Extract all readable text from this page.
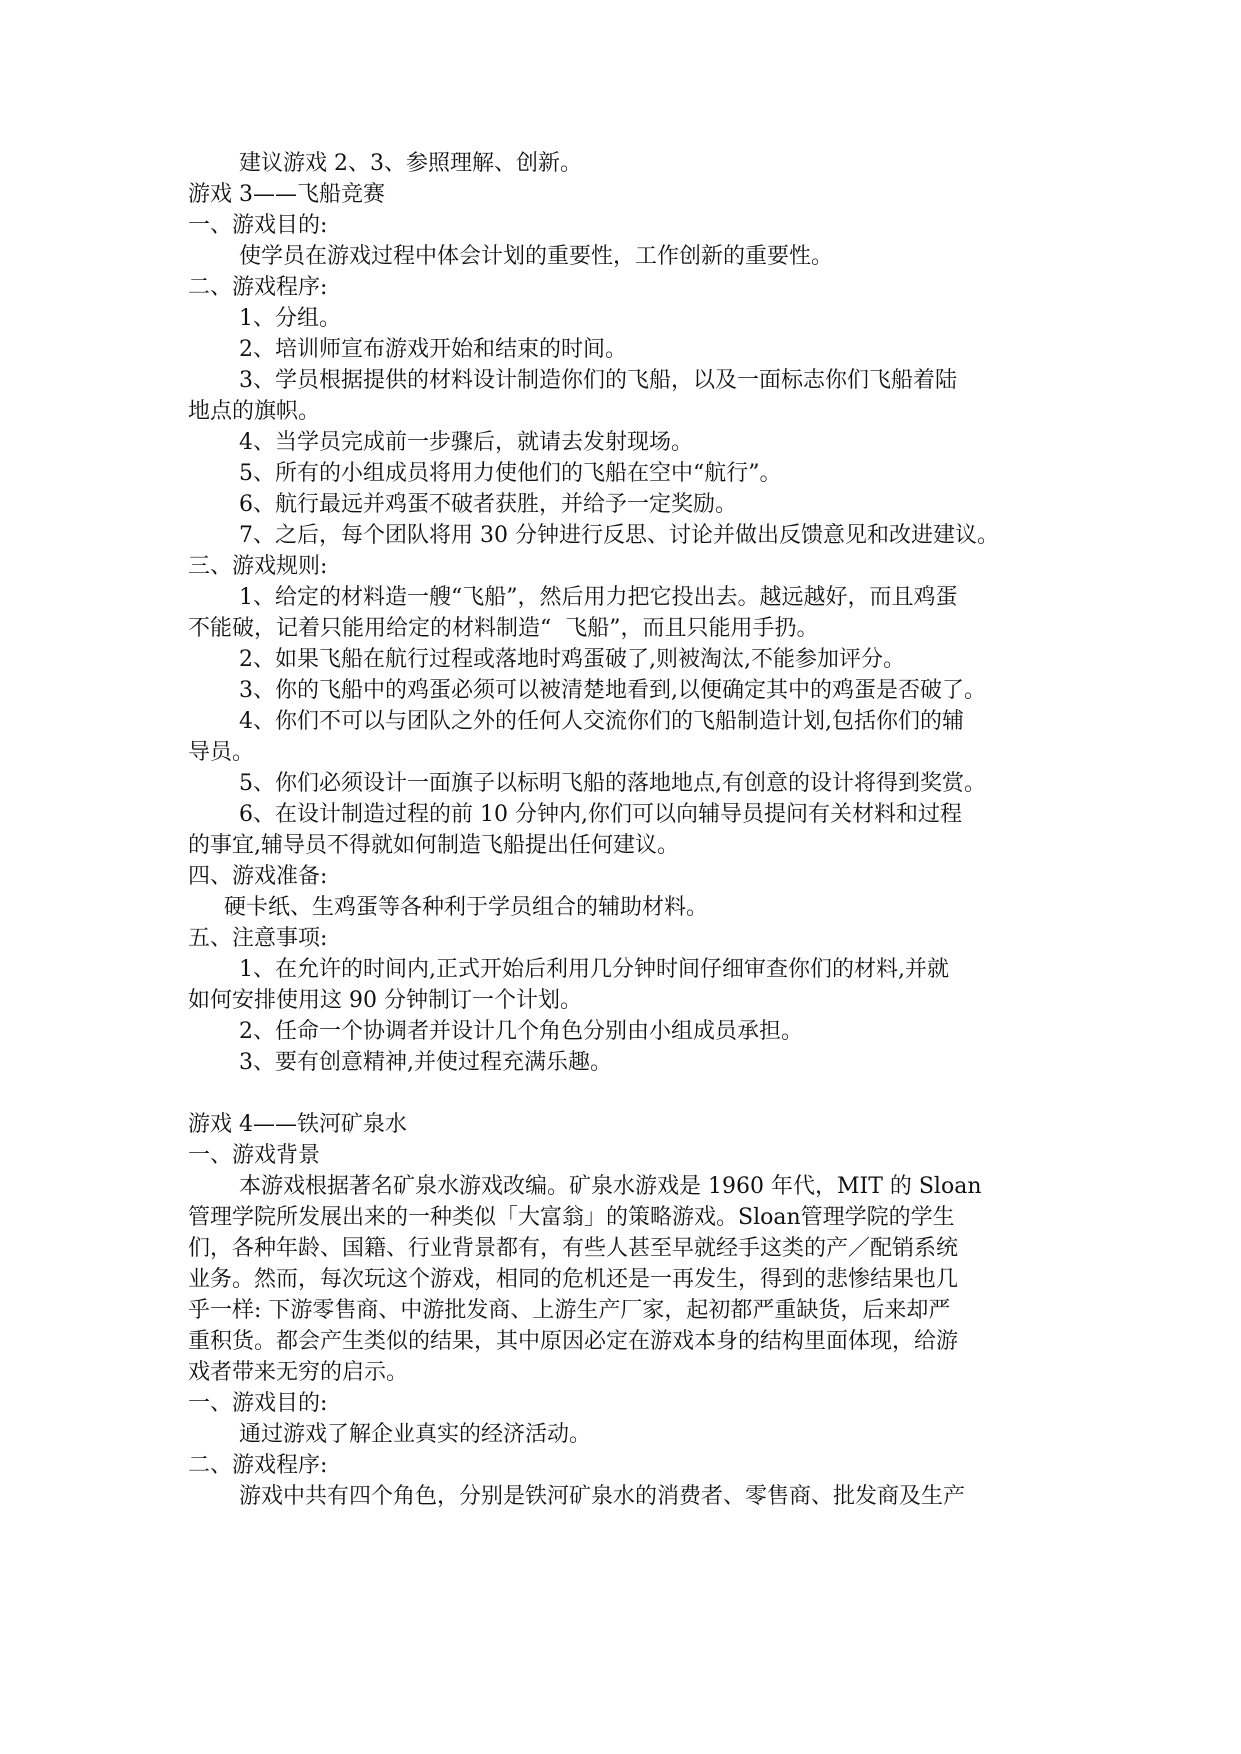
建议游戏 2、3、参照理解、创新。
游戏 3——飞船竞赛
一、游戏目的:
使学员在游戏过程中体会计划的重要性，工作创新的重要性。
二、游戏程序:
1、分组。
2、培训师宣布游戏开始和结束的时间。
3、学员根据提供的材料设计制造你们的飞船，以及一面标志你们飞船着陆
地点的旗帜。
4、当学员完成前一步骤后，就请去发射现场。
5、所有的小组成员将用力使他们的飞船在空中“航行”。
6、航行最远并鸡蛋不破者获胜，并给予一定奖励。
7、之后，每个团队将用 30 分钟进行反思、讨论并做出反馈意见和改进建议。
三、游戏规则:
1、给定的材料造一艘“飞船”，然后用力把它投出去。越远越好，而且鸡蛋
不能破，记着只能用给定的材料制造“  飞船”，而且只能用手扔。
2、如果飞船在航行过程或落地时鸡蛋破了,则被淘汰,不能参加评分。
3、你的飞船中的鸡蛋必须可以被清楚地看到,以便确定其中的鸡蛋是否破了。
4、你们不可以与团队之外的任何人交流你们的飞船制造计划,包括你们的辅
导员。
5、你们必须设计一面旗子以标明飞船的落地地点,有创意的设计将得到奖赏。
6、在设计制造过程的前 10 分钟内,你们可以向辅导员提问有关材料和过程
的事宜,辅导员不得就如何制造飞船提出任何建议。
四、游戏准备:
硬卡纸、生鸡蛋等各种利于学员组合的辅助材料。
五、注意事项:
1、在允许的时间内,正式开始后利用几分钟时间仔细审查你们的材料,并就
如何安排使用这 90 分钟制订一个计划。
2、任命一个协调者并设计几个角色分别由小组成员承担。
3、要有创意精神,并使过程充满乐趣。
游戏 4——铁河矿泉水
一、游戏背景
本游戏根据著名矿泉水游戏改编。矿泉水游戏是 1960 年代，MIT 的 Sloan
管理学院所发展出来的一种类似「大富翁」的策略游戏。Sloan管理学院的学生
们，各种年龄、国籍、行业背景都有，有些人甚至早就经手这类的产／配销系统
业务。然而，每次玩这个游戏，相同的危机还是一再发生，得到的悲惨结果也几
乎一样: 下游零售商、中游批发商、上游生产厂家，起初都严重缺货，后来却严
重积货。都会产生类似的结果，其中原因必定在游戏本身的结构里面体现，给游
戏者带来无穷的启示。
一、游戏目的:
通过游戏了解企业真实的经济活动。
二、游戏程序:
游戏中共有四个角色，分别是铁河矿泉水的消费者、零售商、批发商及生产
